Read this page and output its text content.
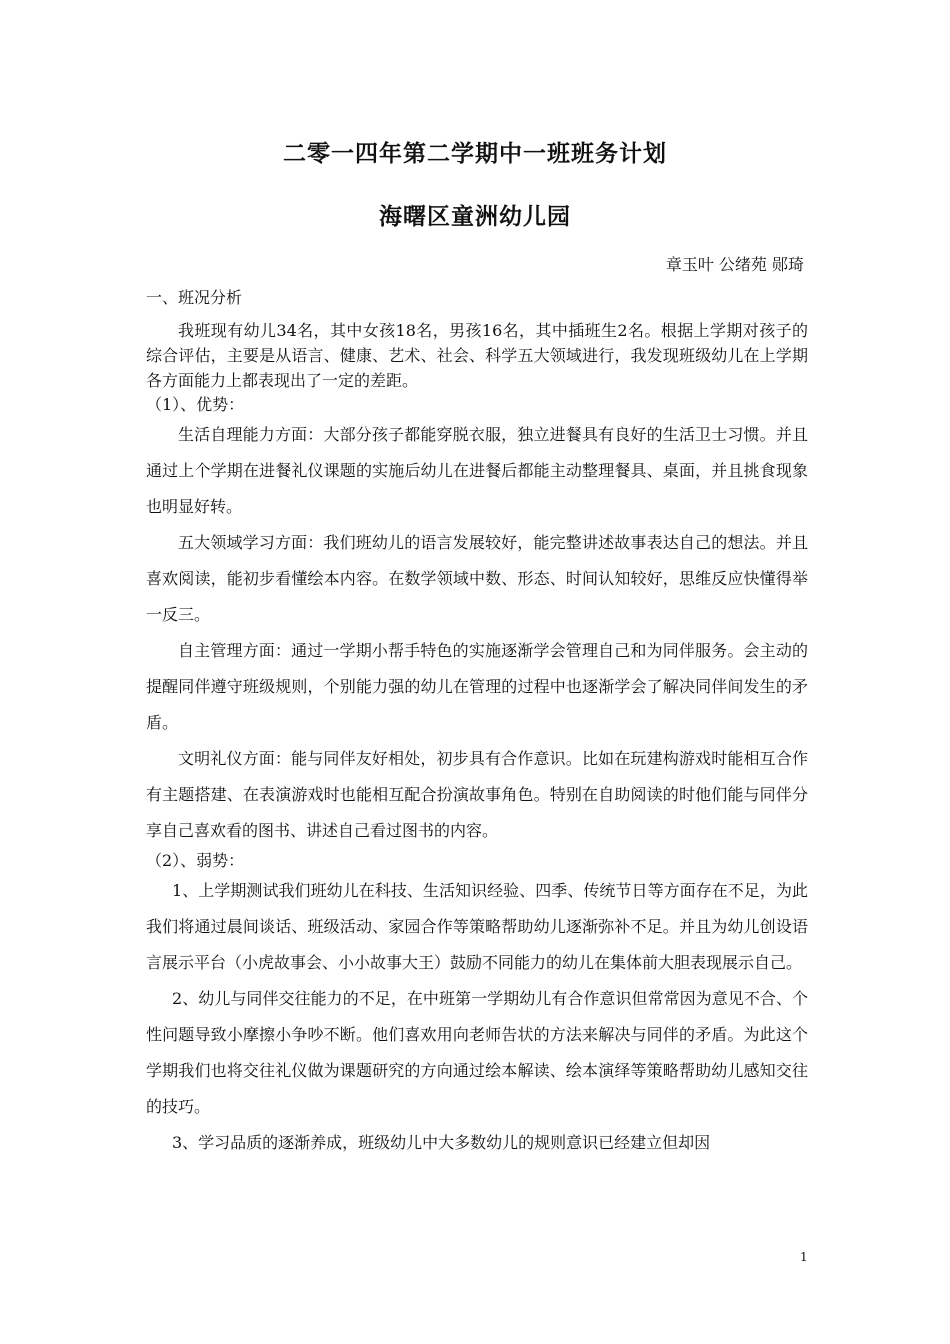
二零一四年第二学期中一班班务计划
海曙区童洲幼儿园
章玉叶 公绪苑 郧琦

一、班况分析

我班现有幼儿34名，其中女孩18名，男孩16名，其中插班生2名。根据上学期对孩子的综合评估，主要是从语言、健康、艺术、社会、科学五大领域进行，我发现班级幼儿在上学期各方面能力上都表现出了一定的差距。

（1）、优势：

生活自理能力方面：大部分孩子都能穿脱衣服，独立进餐具有良好的生活卫士习惯。并且通过上个学期在进餐礼仪课题的实施后幼儿在进餐后都能主动整理餐具、桌面，并且挑食现象也明显好转。

五大领域学习方面：我们班幼儿的语言发展较好，能完整讲述故事表达自己的想法。并且喜欢阅读，能初步看懂绘本内容。在数学领域中数、形态、时间认知较好，思维反应快懂得举一反三。

自主管理方面：通过一学期小帮手特色的实施逐渐学会管理自己和为同伴服务。会主动的提醒同伴遵守班级规则，个别能力强的幼儿在管理的过程中也逐渐学会了解决同伴间发生的矛盾。

文明礼仪方面：能与同伴友好相处，初步具有合作意识。比如在玩建构游戏时能相互合作有主题搭建、在表演游戏时也能相互配合扮演故事角色。特别在自助阅读的时他们能与同伴分享自己喜欢看的图书、讲述自己看过图书的内容。

（2）、弱势：

1、上学期测试我们班幼儿在科技、生活知识经验、四季、传统节日等方面存在不足，为此我们将通过晨间谈话、班级活动、家园合作等策略帮助幼儿逐渐弥补不足。并且为幼儿创设语言展示平台（小虎故事会、小小故事大王）鼓励不同能力的幼儿在集体前大胆表现展示自己。

2、幼儿与同伴交往能力的不足，在中班第一学期幼儿有合作意识但常常因为意见不合、个性问题导致小摩擦小争吵不断。他们喜欢用向老师告状的方法来解决与同伴的矛盾。为此这个学期我们也将交往礼仪做为课题研究的方向通过绘本解读、绘本演绎等策略帮助幼儿感知交往的技巧。

3、学习品质的逐渐养成，班级幼儿中大多数幼儿的规则意识已经建立但却因

1
